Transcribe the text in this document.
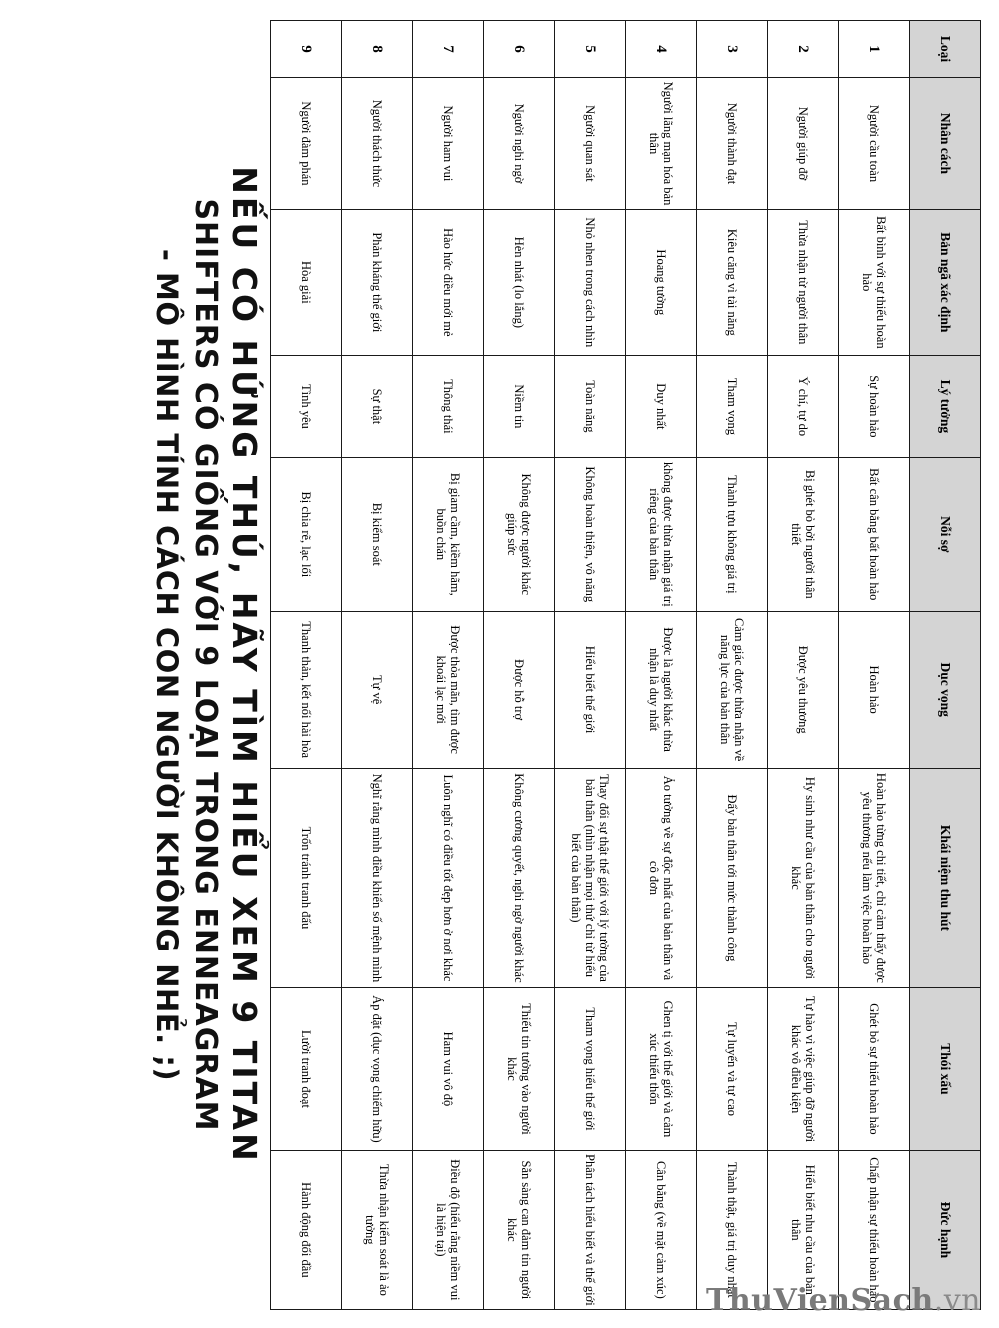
NẾU CÓ HỨNG THÚ, HÃY TÌM HIỂU XEM 9 TITAN
SHIFTERS CÓ GIỐNG VỚI 9 LOẠI TRONG ENNEAGRAM
- MÔ HÌNH TÍNH CÁCH CON NGƯỜI KHÔNG NHẺ. ;)
Loại	Nhân cách	Bản ngã xác định	Lý tưởng	Nỗi sợ	Dục vọng	Khái niệm thu hút	Thói xấu	Đức hạnh
1	Người cầu toàn	Bất bình với sự thiếu hoàn hảo	Sự hoàn hảo	Bất cân bằng bất hoàn hảo	Hoàn hảo	Hoàn hảo từng chi tiết, chỉ cảm thấy được yêu thương nếu làm việc hoàn hảo	Ghét bỏ sự thiếu hoàn hảo	Chấp nhận sự thiếu hoàn hảo
2	Người giúp đỡ	Thừa nhận từ người thân	Ý chí, tự do	Bị ghét bỏ bởi người thân thiết	Được yêu thương	Hy sinh như cầu của bản thân cho người khác	Tự hào vì việc giúp đỡ người khác vô điều kiện	Hiểu biết nhu cầu của bản thân
3	Người thành đạt	Kiêu căng vì tài năng	Tham vọng	Thành tựu không giá trị	Cảm giác được thừa nhận về năng lực của bản thân	Đẩy bản thân tới mức thành công	Tự luyến và tự cao	Thành thật, giá trị duy nhất
4	Người lãng mạn hóa bản thân	Hoang tưởng	Duy nhất	không được thừa nhận giá trị riêng của bản thân	Được là người khác thừa nhận là duy nhất	Ảo tưởng về sự độc nhất của bản thân và cô đơn	Ghen tị với thế giới và cảm xúc thiếu thốn	Cân bằng (về mặt cảm xúc)
5	Người quan sát	Nhỏ nhen trong cách nhìn	Toàn năng	Không hoàn thiện, vô năng	Hiểu biết thế giới	Thay đổi sự thật thế giới với lý tưởng của bản thân (nhìn nhận mọi thứ chỉ từ hiểu biết của bản thân)	Tham vọng hiểu thế giới	Phân tách hiểu biết và thế giới
6	Người nghi ngờ	Hèn nhát (lo lắng)	Niềm tin	Không được người khác giúp sức	Được hỗ trợ	Không cương quyết, nghi ngờ người khác	Thiếu tin tưởng vào người khác	Sẵn sàng can đảm tin người khác
7	Người ham vui	Hào hức điều mới mẻ	Thông thái	Bị giam cầm, kiềm hãm, buồn chán	Được thỏa mãn, tìm được khoái lạc mới	Luôn nghĩ có điều tốt đẹp hơn ở nơi khác	Ham vui vô độ	Điều độ (hiểu rằng niềm vui là hiện tại)
8	Người thách thức	Phản kháng thế giới	Sự thật	Bị kiểm soát	Tự vệ	Nghĩ rằng mình điều khiển số mệnh mình	Áp đặt (dục vọng chiếm hữu)	Thừa nhận kiểm soát là ảo tưởng
9	Người đàm phán	Hòa giải	Tình yêu	Bị chia rẽ, lạc lối	Thanh thản, kết nối hài hòa	Trốn tránh tranh đấu	Lười tranh đoạt	Hành động đối đầu
ThuVienSach.vn
